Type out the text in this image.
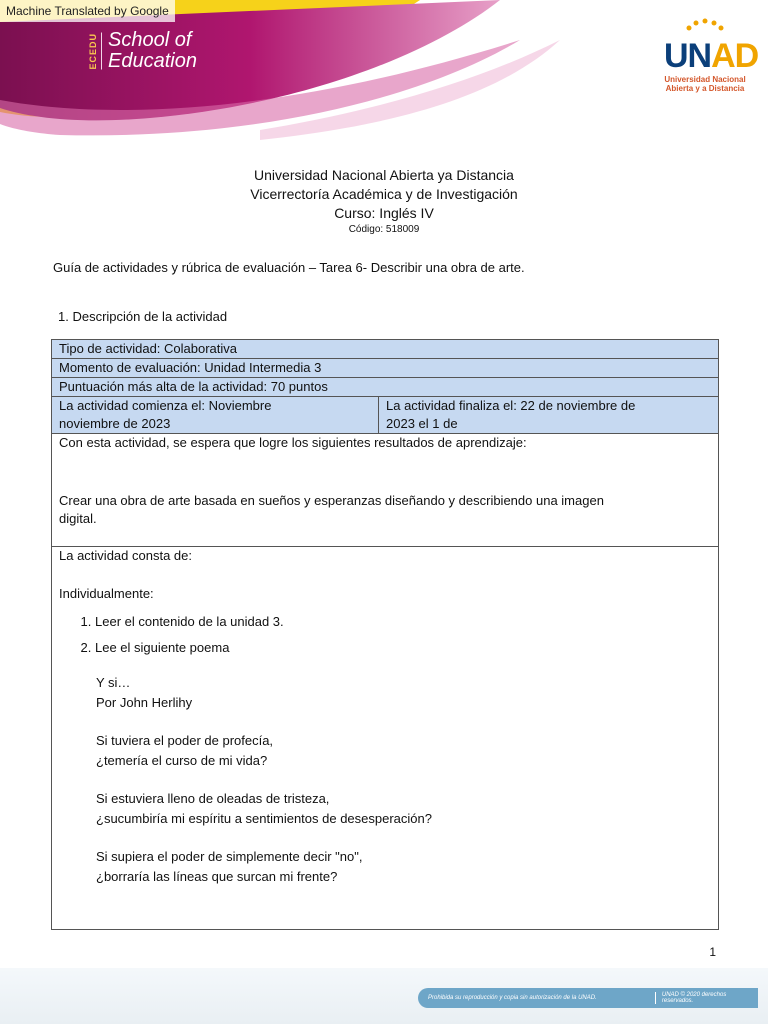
Machine Translated by Google
ECEDU School of
Education	UNAD
Universidad Nacional
Abierta y a Distancia
Universidad Nacional Abierta ya Distancia
Vicerrectoría Académica y de Investigación
Curso: Inglés IV
Código: 518009
Guía de actividades y rúbrica de evaluación – Tarea 6- Describir una obra de arte.
1. Descripción de la actividad
Tipo de actividad: Colaborativa
Momento de evaluación: Unidad Intermedia 3
Puntuación más alta de la actividad: 70 puntos

La actividad comienza el: Noviembre
noviembre de 2023

La actividad finaliza el: 22 de noviembre de
2023 el 1 de

Con esta actividad, se espera que logre los siguientes resultados de aprendizaje:
Crear una obra de arte basada en sueños y esperanzas diseñando y describiendo una imagen
digital.

La actividad consta de:

Individualmente:

1. Leer el contenido de la unidad 3.
2. Lee el siguiente poema
Y si…
Por John Herlihy
Si tuviera el poder de profecía,
¿temería el curso de mi vida?
Si estuviera lleno de oleadas de tristeza,
¿sucumbiría mi espíritu a sentimientos de desesperación?
Si supiera el poder de simplemente decir "no",
¿borraría las líneas que surcan mi frente?
1
Prohibida su reproducción y copia sin autorización de la UNAD.	UNAD © 2020 derechos reservados.
